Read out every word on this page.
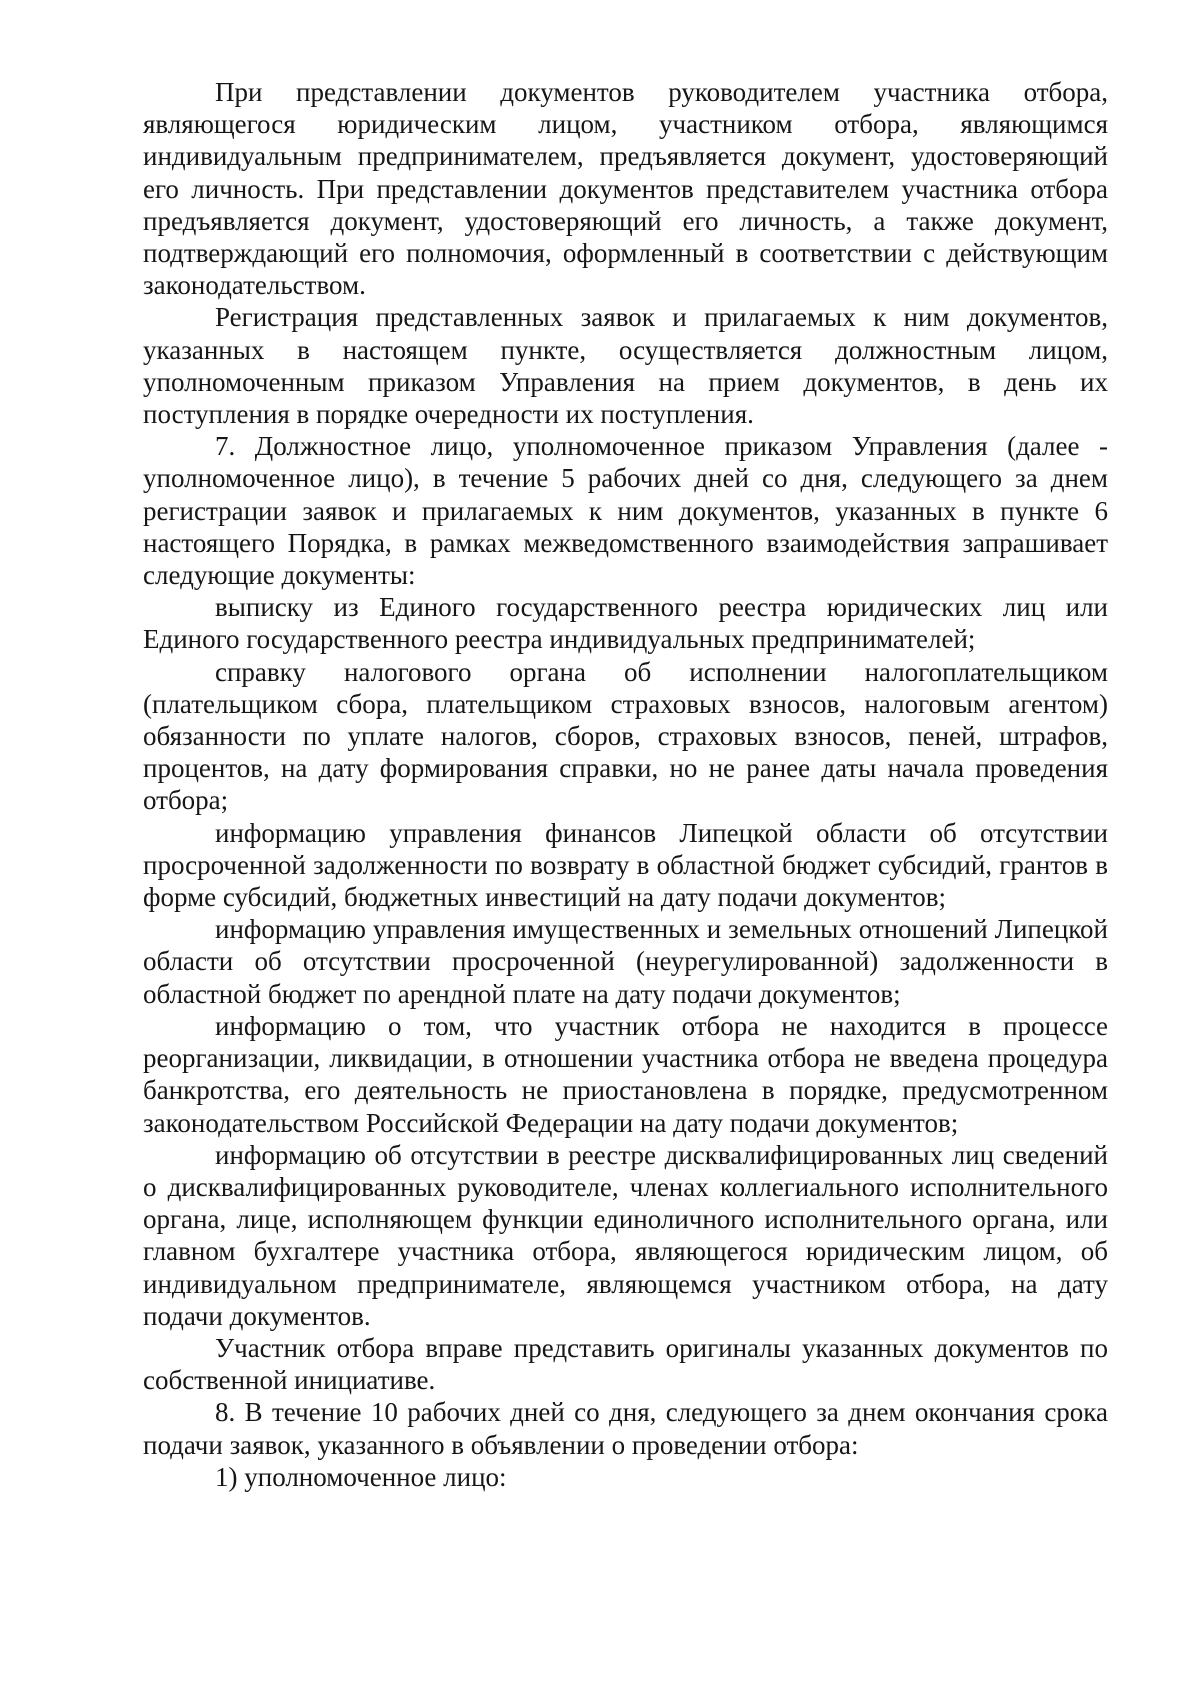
При представлении документов руководителем участника отбора, являющегося юридическим лицом, участником отбора, являющимся индивидуальным предпринимателем, предъявляется документ, удостоверяющий его личность. При представлении документов представителем участника отбора предъявляется документ, удостоверяющий его личность, а также документ, подтверждающий его полномочия, оформленный в соответствии с действующим законодательством.

Регистрация представленных заявок и прилагаемых к ним документов, указанных в настоящем пункте, осуществляется должностным лицом, уполномоченным приказом Управления на прием документов, в день их поступления в порядке очередности их поступления.

7. Должностное лицо, уполномоченное приказом Управления (далее - уполномоченное лицо), в течение 5 рабочих дней со дня, следующего за днем регистрации заявок и прилагаемых к ним документов, указанных в пункте 6 настоящего Порядка, в рамках межведомственного взаимодействия запрашивает следующие документы:

выписку из Единого государственного реестра юридических лиц или Единого государственного реестра индивидуальных предпринимателей;

справку налогового органа об исполнении налогоплательщиком (плательщиком сбора, плательщиком страховых взносов, налоговым агентом) обязанности по уплате налогов, сборов, страховых взносов, пеней, штрафов, процентов, на дату формирования справки, но не ранее даты начала проведения отбора;

информацию управления финансов Липецкой области об отсутствии просроченной задолженности по возврату в областной бюджет субсидий, грантов в форме субсидий, бюджетных инвестиций на дату подачи документов;

информацию управления имущественных и земельных отношений Липецкой области об отсутствии просроченной (неурегулированной) задолженности в областной бюджет по арендной плате на дату подачи документов;

информацию о том, что участник отбора не находится в процессе реорганизации, ликвидации, в отношении участника отбора не введена процедура банкротства, его деятельность не приостановлена в порядке, предусмотренном законодательством Российской Федерации на дату подачи документов;

информацию об отсутствии в реестре дисквалифицированных лиц сведений о дисквалифицированных руководителе, членах коллегиального исполнительного органа, лице, исполняющем функции единоличного исполнительного органа, или главном бухгалтере участника отбора, являющегося юридическим лицом, об индивидуальном предпринимателе, являющемся участником отбора, на дату подачи документов.

Участник отбора вправе представить оригиналы указанных документов по собственной инициативе.

8. В течение 10 рабочих дней со дня, следующего за днем окончания срока подачи заявок, указанного в объявлении о проведении отбора:

1) уполномоченное лицо:
